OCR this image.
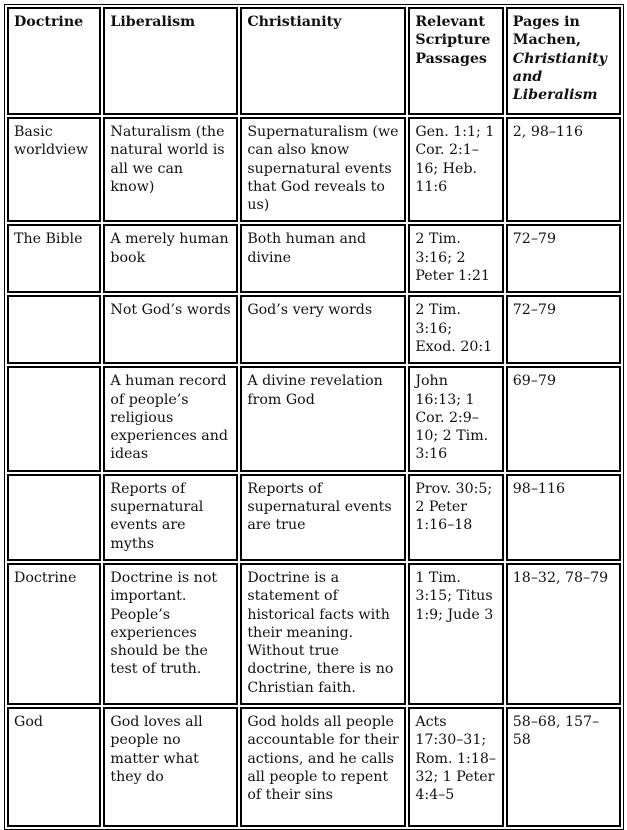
Doctrine	Liberalism	Christianity	Relevant Scripture Passages	Pages in Machen, Christianity and Liberalism
Basic worldview	Naturalism (the natural world is all we can know)	Supernaturalism (we can also know supernatural events that God reveals to us)	Gen. 1:1; 1 Cor. 2:1–16; Heb. 11:6	2, 98–116
The Bible	A merely human book	Both human and divine	2 Tim. 3:16; 2 Peter 1:21	72–79
	Not God’s words	God’s very words	2 Tim. 3:16; Exod. 20:1	72–79
	A human record of people’s religious experiences and ideas	A divine revelation from God	John 16:13; 1 Cor. 2:9–10; 2 Tim. 3:16	69–79
	Reports of supernatural events are myths	Reports of supernatural events are true	Prov. 30:5; 2 Peter 1:16–18	98–116
Doctrine	Doctrine is not important. People’s experiences should be the test of truth.	Doctrine is a statement of historical facts with their meaning. Without true doctrine, there is no Christian faith.	1 Tim. 3:15; Titus 1:9; Jude 3	18–32, 78–79
God	God loves all people no matter what they do	God holds all people accountable for their actions, and he calls all people to repent of their sins	Acts 17:30–31; Rom. 1:18–32; 1 Peter 4:4–5	58–68, 157–58
